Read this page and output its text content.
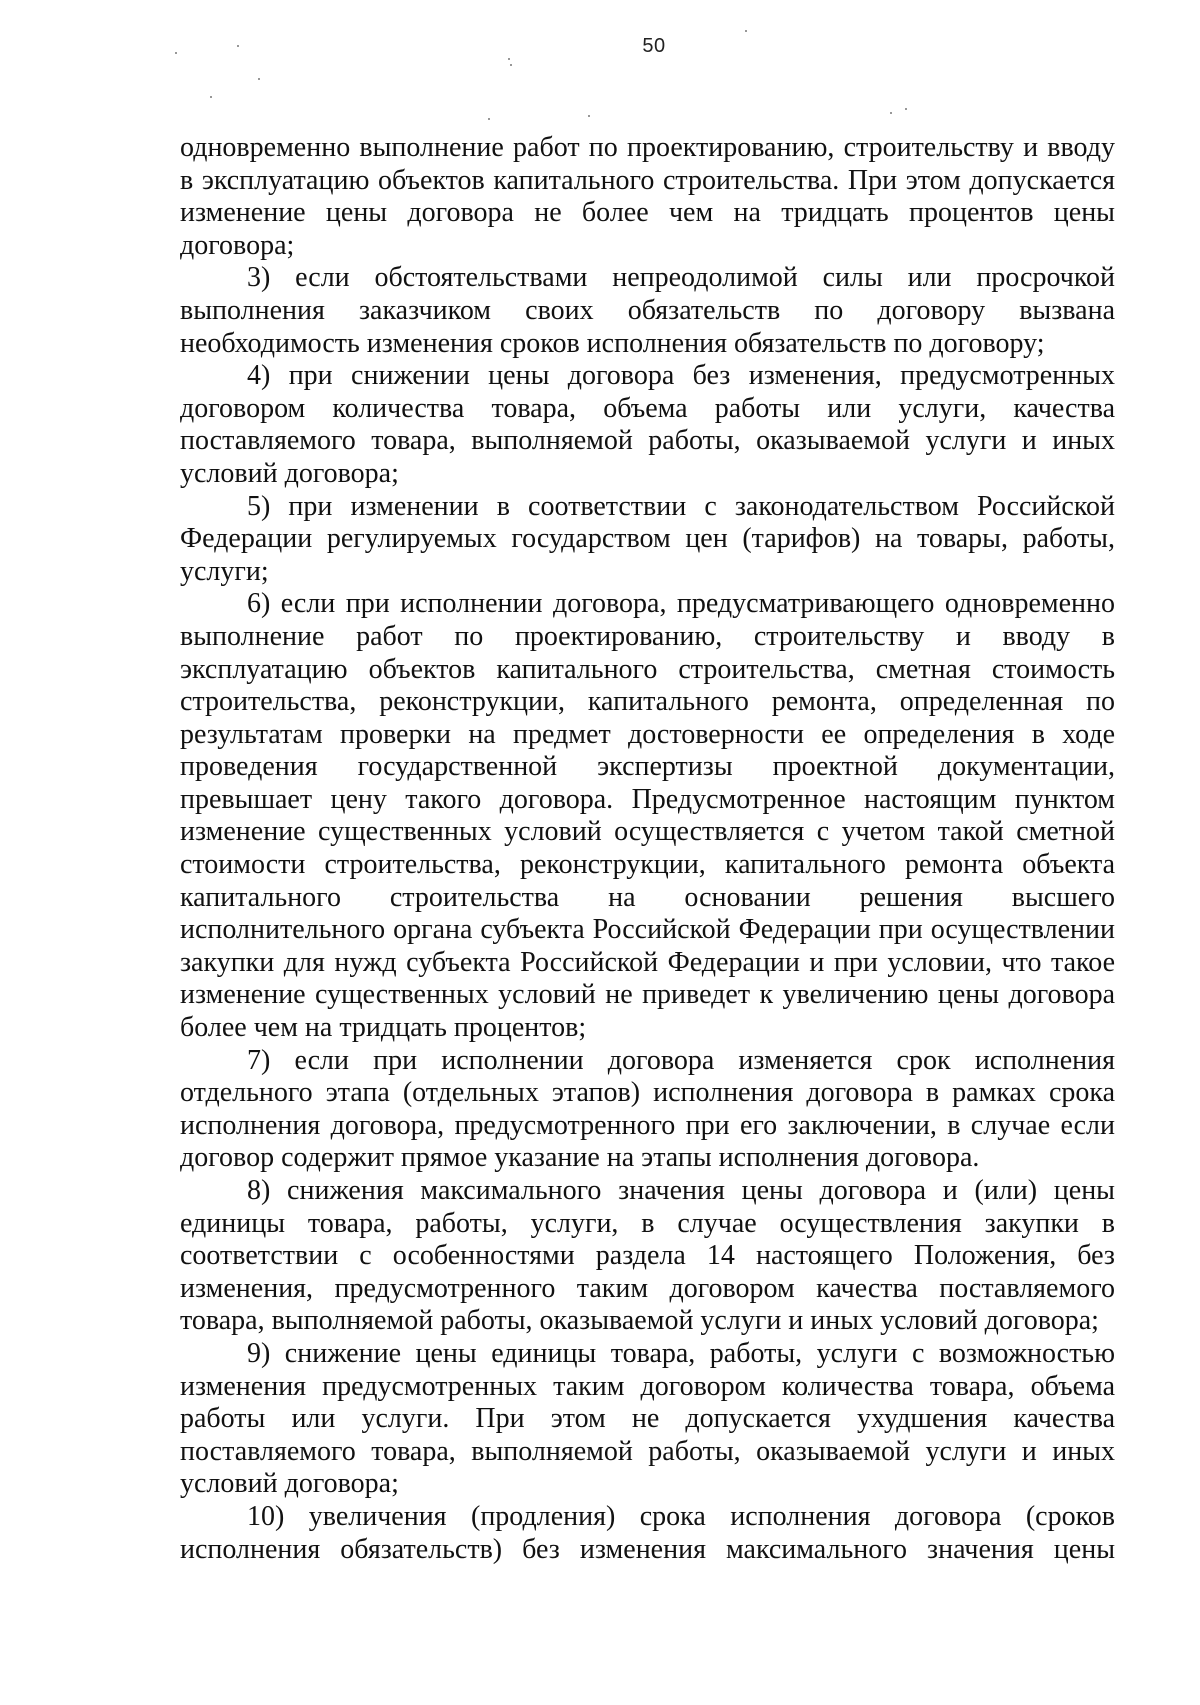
50

одновременно выполнение работ по проектированию, строительству и вводу в эксплуатацию объектов капитального строительства. При этом допускается изменение цены договора не более чем на тридцать процентов цены договора;

3) если обстоятельствами непреодолимой силы или просрочкой выполнения заказчиком своих обязательств по договору вызвана необходимость изменения сроков исполнения обязательств по договору;

4) при снижении цены договора без изменения, предусмотренных договором количества товара, объема работы или услуги, качества поставляемого товара, выполняемой работы, оказываемой услуги и иных условий договора;

5) при изменении в соответствии с законодательством Российской Федерации регулируемых государством цен (тарифов) на товары, работы, услуги;

6) если при исполнении договора, предусматривающего одновременно выполнение работ по проектированию, строительству и вводу в эксплуатацию объектов капитального строительства, сметная стоимость строительства, реконструкции, капитального ремонта, определенная по результатам проверки на предмет достоверности ее определения в ходе проведения государственной экспертизы проектной документации, превышает цену такого договора. Предусмотренное настоящим пунктом изменение существенных условий осуществляется с учетом такой сметной стоимости строительства, реконструкции, капитального ремонта объекта капитального строительства на основании решения высшего исполнительного органа субъекта Российской Федерации при осуществлении закупки для нужд субъекта Российской Федерации и при условии, что такое изменение существенных условий не приведет к увеличению цены договора более чем на тридцать процентов;

7) если при исполнении договора изменяется срок исполнения отдельного этапа (отдельных этапов) исполнения договора в рамках срока исполнения договора, предусмотренного при его заключении, в случае если договор содержит прямое указание на этапы исполнения договора.

8) снижения максимального значения цены договора и (или) цены единицы товара, работы, услуги, в случае осуществления закупки в соответствии с особенностями раздела 14 настоящего Положения, без изменения, предусмотренного таким договором качества поставляемого товара, выполняемой работы, оказываемой услуги и иных условий договора;

9) снижение цены единицы товара, работы, услуги с возможностью изменения предусмотренных таким договором количества товара, объема работы или услуги. При этом не допускается ухудшения качества поставляемого товара, выполняемой работы, оказываемой услуги и иных условий договора;

10) увеличения (продления) срока исполнения договора (сроков исполнения обязательств) без изменения максимального значения цены
